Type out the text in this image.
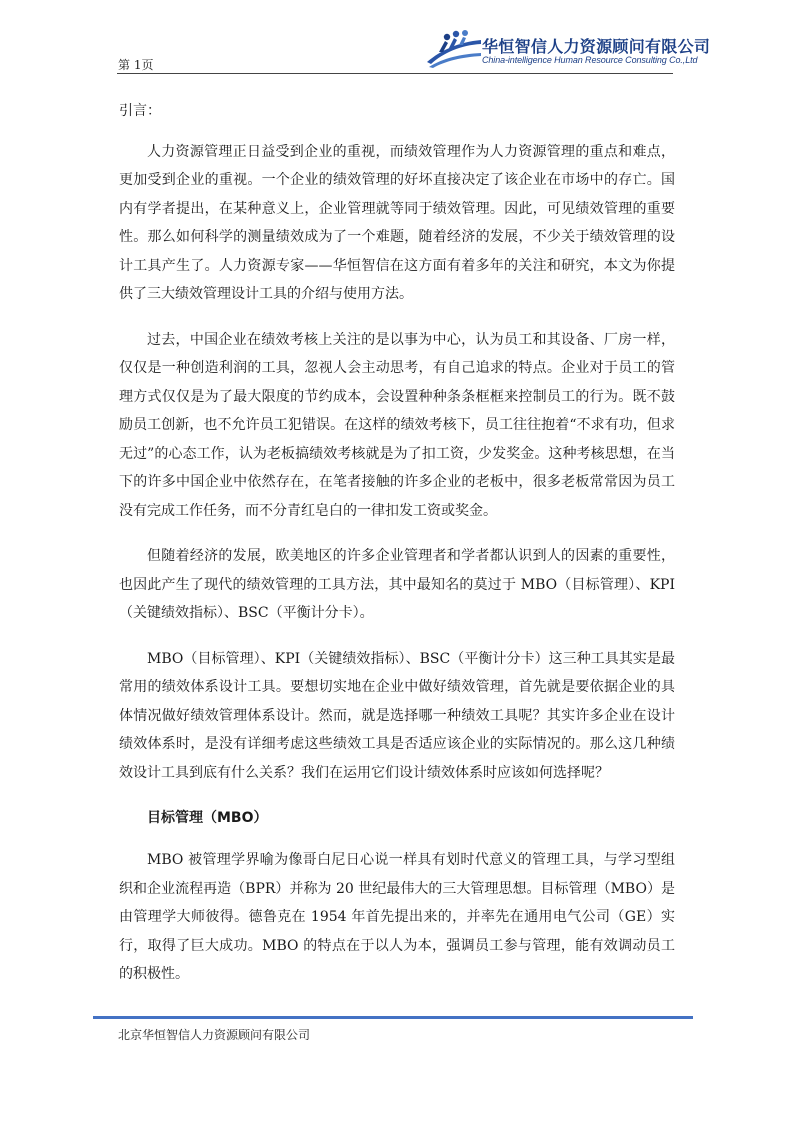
第 1页
华恒智信人力资源顾问有限公司
China-intelligence Human Resource Consulting Co.,Ltd

引言：

人力资源管理正日益受到企业的重视，而绩效管理作为人力资源管理的重点和难点，更加受到企业的重视。一个企业的绩效管理的好坏直接决定了该企业在市场中的存亡。国内有学者提出，在某种意义上，企业管理就等同于绩效管理。因此，可见绩效管理的重要性。那么如何科学的测量绩效成为了一个难题，随着经济的发展，不少关于绩效管理的设计工具产生了。人力资源专家——华恒智信在这方面有着多年的关注和研究，本文为你提供了三大绩效管理设计工具的介绍与使用方法。

过去，中国企业在绩效考核上关注的是以事为中心，认为员工和其设备、厂房一样，仅仅是一种创造利润的工具，忽视人会主动思考，有自己追求的特点。企业对于员工的管理方式仅仅是为了最大限度的节约成本，会设置种种条条框框来控制员工的行为。既不鼓励员工创新，也不允许员工犯错误。在这样的绩效考核下，员工往往抱着“不求有功，但求无过”的心态工作，认为老板搞绩效考核就是为了扣工资，少发奖金。这种考核思想，在当下的许多中国企业中依然存在，在笔者接触的许多企业的老板中，很多老板常常因为员工没有完成工作任务，而不分青红皂白的一律扣发工资或奖金。

但随着经济的发展，欧美地区的许多企业管理者和学者都认识到人的因素的重要性，也因此产生了现代的绩效管理的工具方法，其中最知名的莫过于 MBO（目标管理）、KPI（关键绩效指标）、BSC（平衡计分卡）。

MBO（目标管理）、KPI（关键绩效指标）、BSC（平衡计分卡）这三种工具其实是最常用的绩效体系设计工具。要想切实地在企业中做好绩效管理，首先就是要依据企业的具体情况做好绩效管理体系设计。然而，就是选择哪一种绩效工具呢？其实许多企业在设计绩效体系时，是没有详细考虑这些绩效工具是否适应该企业的实际情况的。那么这几种绩效设计工具到底有什么关系？我们在运用它们设计绩效体系时应该如何选择呢？

目标管理（MBO）

MBO 被管理学界喻为像哥白尼日心说一样具有划时代意义的管理工具，与学习型组织和企业流程再造（BPR）并称为 20 世纪最伟大的三大管理思想。目标管理（MBO）是由管理学大师彼得。德鲁克在 1954 年首先提出来的，并率先在通用电气公司（GE）实行，取得了巨大成功。MBO 的特点在于以人为本，强调员工参与管理，能有效调动员工的积极性。

北京华恒智信人力资源顾问有限公司
